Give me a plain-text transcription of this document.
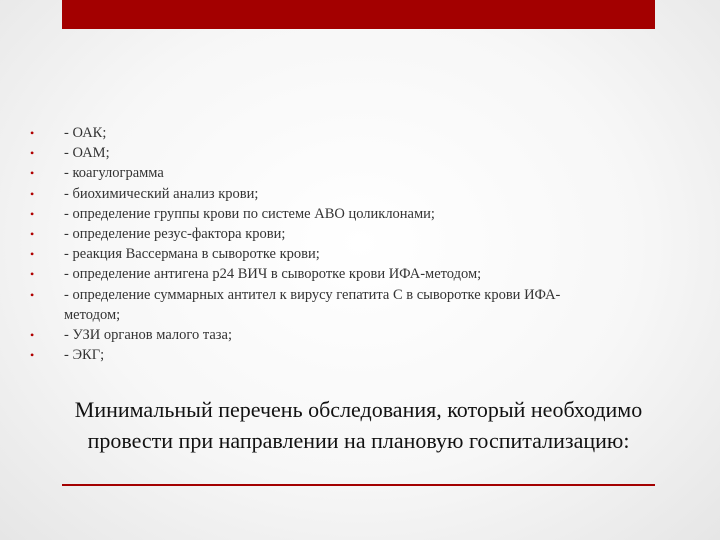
• - ОАК;
• - ОАМ;
• - коагулограмма
• - биохимический анализ крови;
• - определение группы крови по системе АВО цоликлонами;
• - определение резус-фактора крови;
• - реакция Вассермана в сыворотке крови;
• - определение антигена р24 ВИЧ в сыворотке крови ИФА-методом;
• - определение суммарных антител к вирусу гепатита С в сыворотке крови ИФА-методом;
• - УЗИ органов малого таза;
• - ЭКГ;
Минимальный перечень обследования, который необходимо провести при направлении на плановую госпитализацию:
